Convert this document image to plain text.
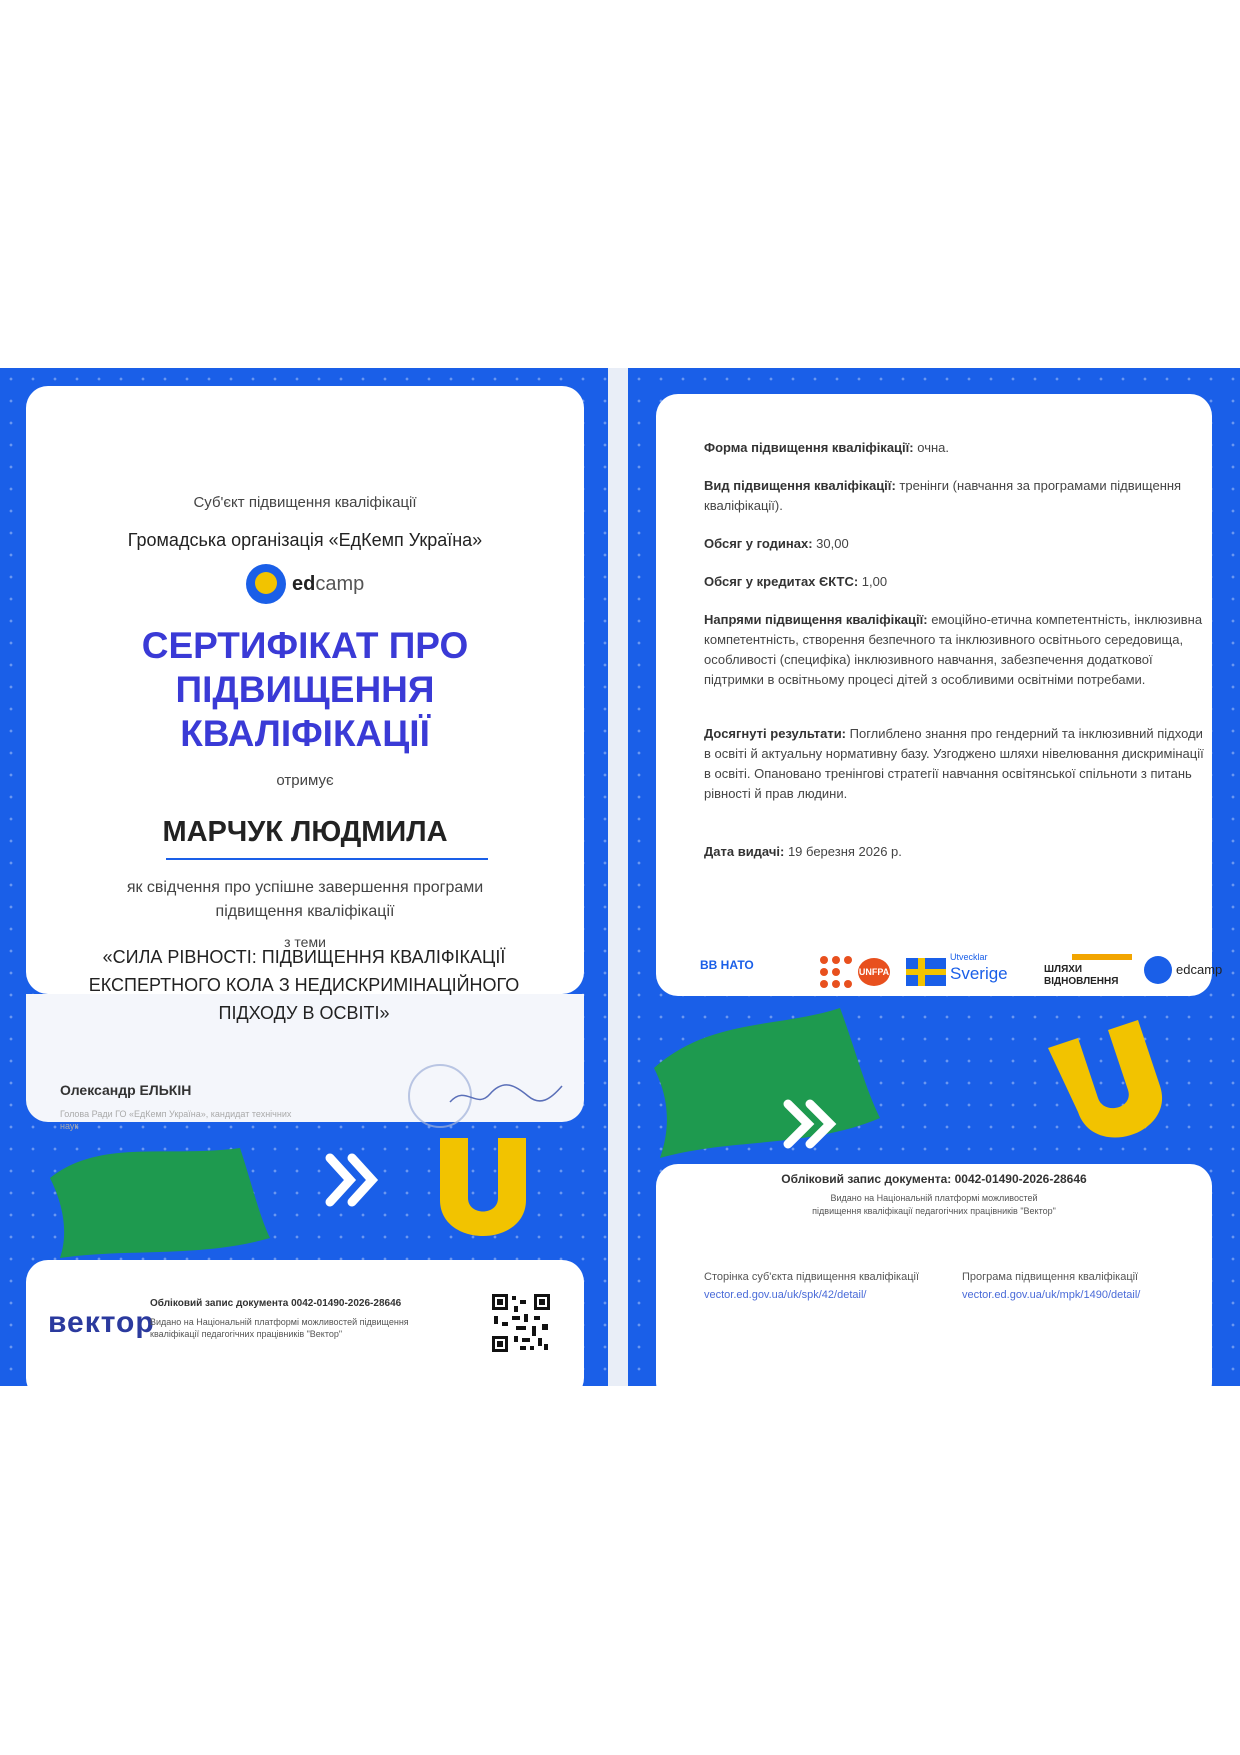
Суб'єкт підвищення кваліфікації
Громадська організація «ЕдКемп Україна»
edcamp
СЕРТИФІКАТ ПРО
ПІДВИЩЕННЯ
КВАЛІФІКАЦІЇ
отримує
МАРЧУК ЛЮДМИЛА
як свідчення про успішне завершення програми
підвищення кваліфікації
з теми
Олександр ЕЛЬКІН
Голова Ради ГО «ЕдКемп Україна», кандидат технічних наук
«СИЛА РІВНОСТІ: ПІДВИЩЕННЯ КВАЛІФІКАЦІЇ
ЕКСПЕРТНОГО КОЛА З НЕДИСКРИМІНАЦІЙНОГО
ПІДХОДУ В ОСВІТІ»
вектор
Обліковий запис документа 0042-01490-2026-28646
Видано на Національній платформі можливостей підвищення кваліфікації педагогічних працівників "Вектор"
Форма підвищення кваліфікації: очна.
Вид підвищення кваліфікації: тренінги (навчання за програмами підвищення кваліфікації).
Обсяг у годинах: 30,00
Обсяг у кредитах ЄКТС: 1,00
Напрями підвищення кваліфікації: емоційно-етична компетентність, інклюзивна компетентність, створення безпечного та інклюзивного освітнього середовища, особливості (специфіка) інклюзивного навчання, забезпечення додаткової підтримки в освітньому процесі дітей з особливими освітніми потребами.
Досягнуті результати: Поглиблено знання про гендерний та інклюзивний підходи в освіті й актуальну нормативну базу. Узгоджено шляхи нівелювання дискримінації в освіті. Опановано тренінгові стратегії навчання освітянської спільноти з питань рівності й прав людини.
Дата видачі: 19 березня 2026 р.
ВВ НАТО	UNFPA
Utvecklar
Sverige	ШЛЯХИ
ВІДНОВЛЕННЯ
edcamp
Обліковий запис документа: 0042-01490-2026-28646
Видано на Національній платформі можливостей
підвищення кваліфікації педагогічних працівників "Вектор"
Сторінка суб'єкта підвищення кваліфікації
vector.ed.gov.ua/uk/spk/42/detail/
Програма підвищення кваліфікації
vector.ed.gov.ua/uk/mpk/1490/detail/
